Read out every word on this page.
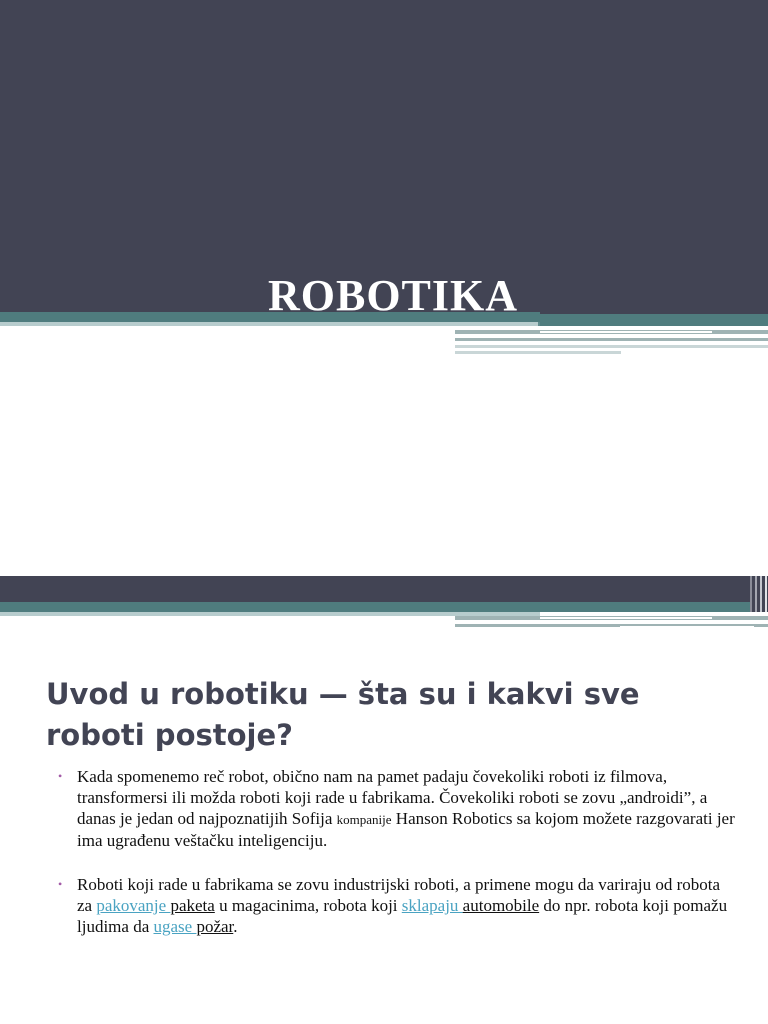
ROBOTIKA
Uvod u robotiku — šta su i kakvi sve roboti postoje?
• Kada spomenemo reč robot, obično nam na pamet padaju čovekoliki roboti iz filmova, transformersi ili možda roboti koji rade u fabrikama. Čovekoliki roboti se zovu „androidi”, a danas je jedan od najpoznatijih Sofija kompanije Hanson Robotics sa kojom možete razgovarati jer ima ugrađenu veštačku inteligenciju.
• Roboti koji rade u fabrikama se zovu industrijski roboti, a primene mogu da variraju od robota za pakovanje paketa u magacinima, robota koji sklapaju automobile do npr. robota koji pomažu ljudima da ugase požar.
